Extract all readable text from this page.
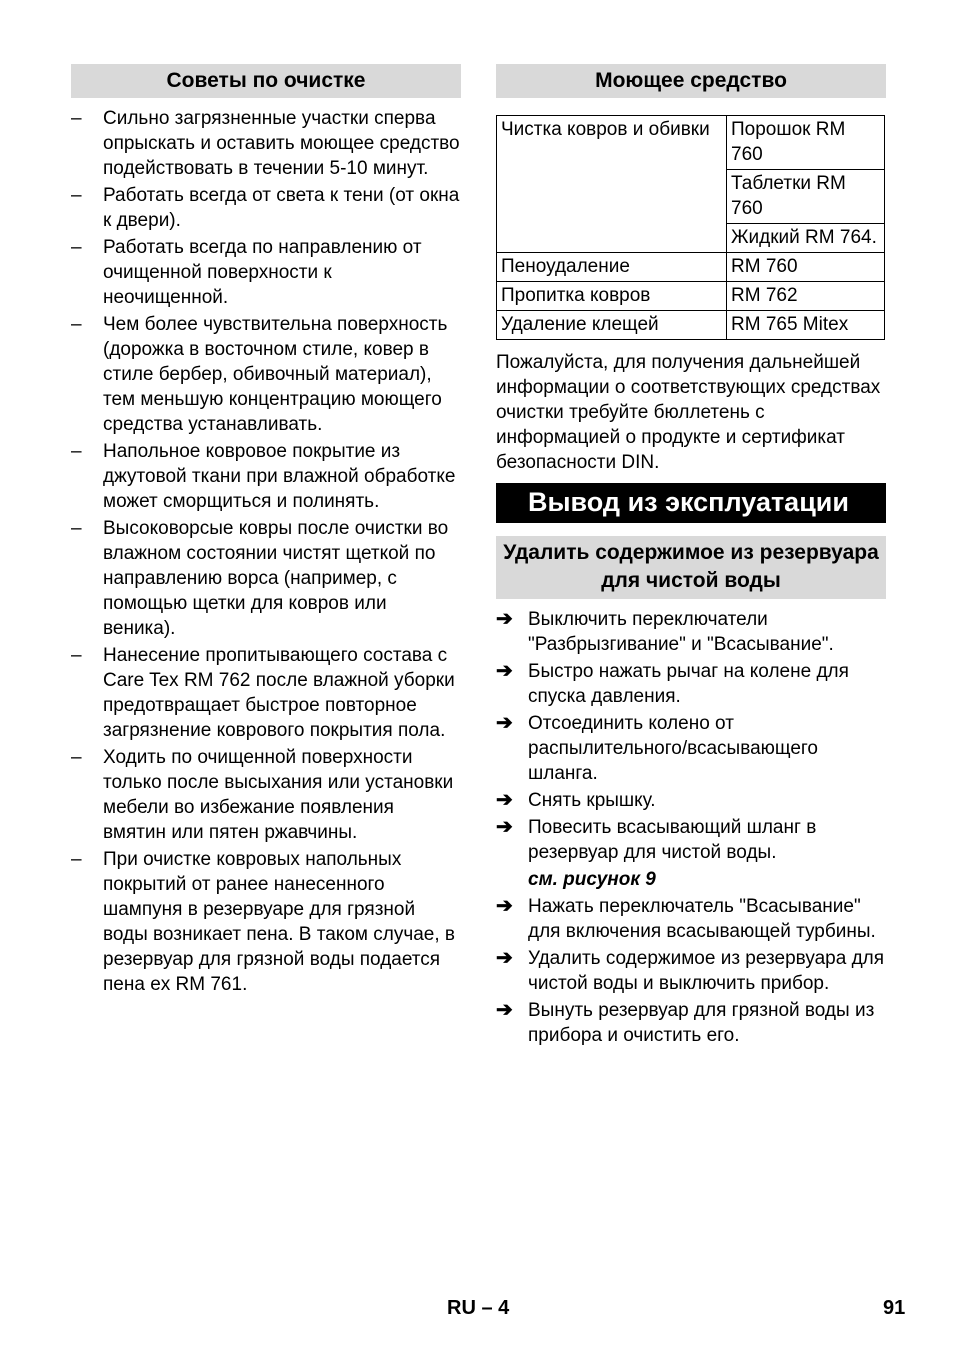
Советы по очистке
– Сильно загрязненные участки сперва опрыскать и оставить моющее средство подействовать в течении 5-10 минут.
– Работать всегда от света к тени (от окна к двери).
– Работать всегда по направлению от очищенной поверхности к неочищенной.
– Чем более чувствительна поверхность (дорожка в восточном стиле, ковер в стиле бербер, обивочный материал), тем меньшую концентрацию моющего средства устанавливать.
– Напольное ковровое покрытие из джутовой ткани при влажной обработке может сморщиться и полинять.
– Высоковорсые ковры после очистки во влажном состоянии чистят щеткой по направлению ворса (например, с помощью щетки для ковров или веника).
– Нанесение пропитывающего состава с Care Tex RM 762 после влажной уборки предотвращает быстрое повторное загрязнение коврового покрытия пола.
– Ходить по очищенной поверхности только после высыхания или установки мебели во избежание появления вмятин или пятен ржавчины.
– При очистке ковровых напольных покрытий от ранее нанесенного шампуня в резервуаре для грязной воды возникает пена. В таком случае, в резервуар для грязной воды подается пена ex RM 761.
Моющее средство
Чистка ковров и обивки	Порошок RM 760
	Таблетки RM 760
	Жидкий RM 764.
Пеноудаление	RM 760
Пропитка ковров	RM 762
Удаление клещей	RM 765 Mitex
Пожалуйста, для получения дальнейшей информации о соответствующих средствах очистки требуйте бюллетень с информацией о продукте и сертификат безопасности DIN.
Вывод из эксплуатации
Удалить содержимое из резервуара для чистой воды
➔ Выключить переключатели "Разбрызгивание" и "Всасывание".
➔ Быстро нажать рычаг на колене для спуска давления.
➔ Отсоединить колено от распылительного/всасывающего шланга.
➔ Снять крышку.
➔ Повесить всасывающий шланг в резервуар для чистой воды.
см. рисунок 9
➔ Нажать переключатель "Всасывание" для включения всасывающей турбины.
➔ Удалить содержимое из резервуара для чистой воды и выключить прибор.
➔ Вынуть резервуар для грязной воды из прибора и очистить его.
RU – 4	91
